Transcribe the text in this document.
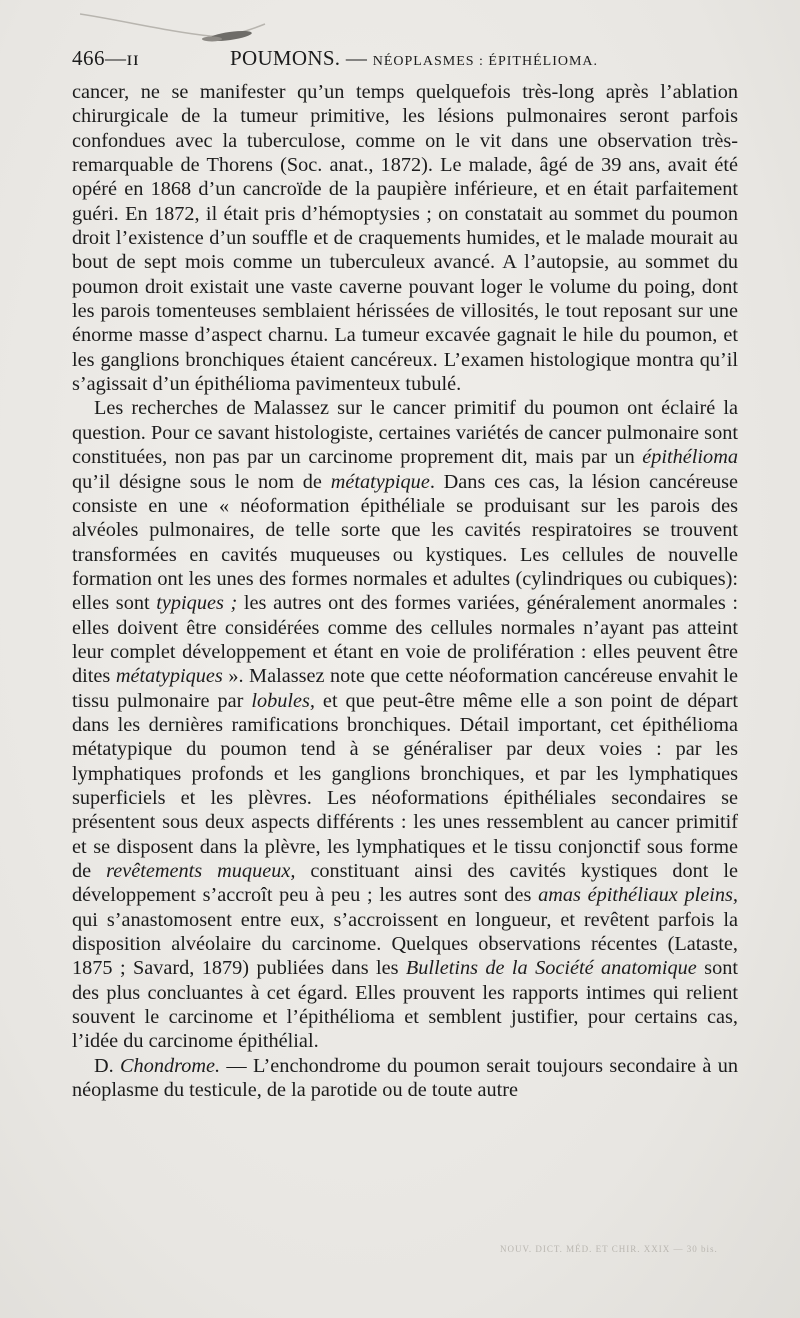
466—ɪɪ	POUMONS. — NÉOPLASMES : ÉPITHÉLIOMA.

cancer, ne se manifester qu’un temps quelquefois très-long après l’ablation chirurgicale de la tumeur primitive, les lésions pulmonaires seront parfois confondues avec la tuberculose, comme on le vit dans une observation très-remarquable de Thorens (Soc. anat., 1872). Le malade, âgé de 39 ans, avait été opéré en 1868 d’un cancroïde de la paupière inférieure, et en était parfaitement guéri. En 1872, il était pris d’hémoptysies ; on constatait au sommet du poumon droit l’existence d’un souffle et de craquements humides, et le malade mourait au bout de sept mois comme un tuberculeux avancé. A l’autopsie, au sommet du poumon droit existait une vaste caverne pouvant loger le volume du poing, dont les parois tomenteuses semblaient hérissées de villosités, le tout reposant sur une énorme masse d’aspect charnu. La tumeur excavée gagnait le hile du poumon, et les ganglions bronchiques étaient cancéreux. L’examen histologique montra qu’il s’agissait d’un épithélioma pavimenteux tubulé.

Les recherches de Malassez sur le cancer primitif du poumon ont éclairé la question. Pour ce savant histologiste, certaines variétés de cancer pulmonaire sont constituées, non pas par un carcinome proprement dit, mais par un épithélioma qu’il désigne sous le nom de métatypique. Dans ces cas, la lésion cancéreuse consiste en une « néoformation épithéliale se produisant sur les parois des alvéoles pulmonaires, de telle sorte que les cavités respiratoires se trouvent transformées en cavités muqueuses ou kystiques. Les cellules de nouvelle formation ont les unes des formes normales et adultes (cylindriques ou cubiques): elles sont typiques ; les autres ont des formes variées, généralement anormales : elles doivent être considérées comme des cellules normales n’ayant pas atteint leur complet développement et étant en voie de prolifération : elles peuvent être dites métatypiques ». Malassez note que cette néoformation cancéreuse envahit le tissu pulmonaire par lobules, et que peut-être même elle a son point de départ dans les dernières ramifications bronchiques. Détail important, cet épithélioma métatypique du poumon tend à se généraliser par deux voies : par les lymphatiques profonds et les ganglions bronchiques, et par les lymphatiques superficiels et les plèvres. Les néoformations épithéliales secondaires se présentent sous deux aspects différents : les unes ressemblent au cancer primitif et se disposent dans la plèvre, les lymphatiques et le tissu conjonctif sous forme de revêtements muqueux, constituant ainsi des cavités kystiques dont le développement s’accroît peu à peu ; les autres sont des amas épithéliaux pleins, qui s’anastomosent entre eux, s’accroissent en longueur, et revêtent parfois la disposition alvéolaire du carcinome. Quelques observations récentes (Lataste, 1875 ; Savard, 1879) publiées dans les Bulletins de la Société anatomique sont des plus concluantes à cet égard. Elles prouvent les rapports intimes qui relient souvent le carcinome et l’épithélioma et semblent justifier, pour certains cas, l’idée du carcinome épithélial.

D. Chondrome. — L’enchondrome du poumon serait toujours secondaire à un néoplasme du testicule, de la parotide ou de toute autre

NOUV. DICT. MÉD. ET CHIR. XXIX — 30 bis.
